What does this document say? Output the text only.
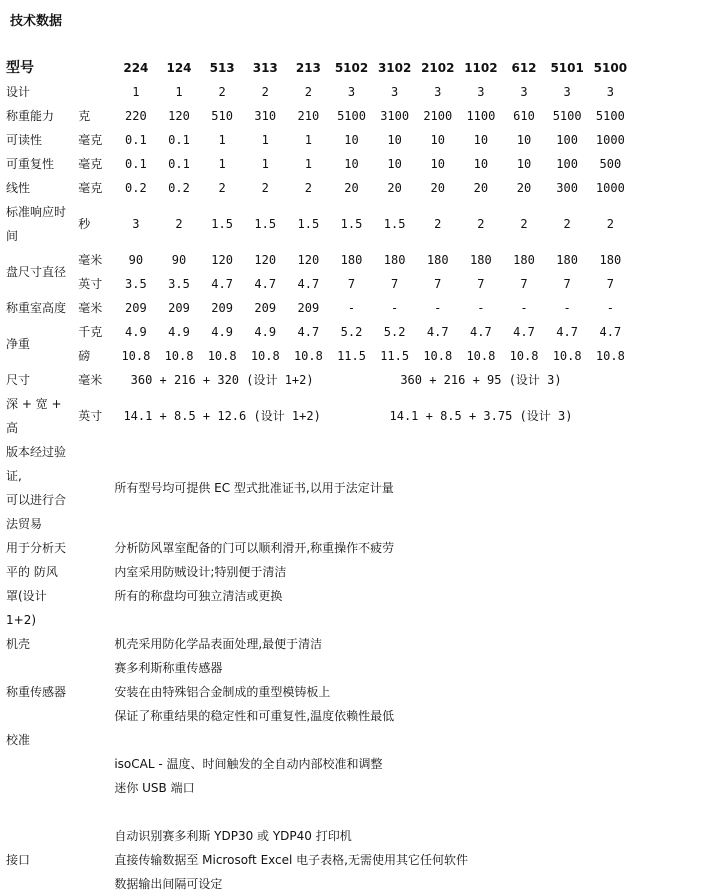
技术数据
型号		224	124	513	313	213	5102	3102	2102	1102	612	5101	5100
设计		1	1	2	2	2	3	3	3	3	3	3	3
称重能力	克	220	120	510	310	210	5100	3100	2100	1100	610	5100	5100
可读性	毫克	0.1	0.1	1	1	1	10	10	10	10	10	100	1000
可重复性	毫克	0.1	0.1	1	1	1	10	10	10	10	10	100	500
线性	毫克	0.2	0.2	2	2	2	20	20	20	20	20	300	1000

标准响应时
间	秒	3	2	1.5	1.5	1.5	1.5	1.5	2	2	2	2	2
盘尺寸直径	毫米	90	90	120	120	120	180	180	180	180	180	180	180
	英寸	3.5	3.5	4.7	4.7	4.7	7	7	7	7	7	7	7
称重室高度	毫米	209	209	209	209	209	-	-	-	-	-	-	-
净重	千克	4.9	4.9	4.9	4.9	4.7	5.2	5.2	4.7	4.7	4.7	4.7	4.7
	磅	10.8	10.8	10.8	10.8	10.8	11.5	11.5	10.8	10.8	10.8	10.8	10.8
尺寸	毫米	360 + 216 + 320 (设计 1+2)					360 + 216 + 95 (设计 3)						

深 + 宽 +
高	英寸	14.1 + 8.5 + 12.6 (设计 1+2)					14.1 + 8.5 + 3.75 (设计 3)						

版本经过验
证,
可以进行合
法贸易		所有型号均可提供 EC 型式批准证书,以用于法定计量											

用于分析天
平的 防风
罩(设计
1+2)		分析防风罩室配备的门可以顺利滑开,称重操作不疲劳
内室采用防贼设计;特别便于清洁
所有的称盘均可独立清洁或更换											

机壳		机壳采用防化学品表面处理,最便于清洁											

称重传感器		赛多利斯称重传感器
安装在由特殊铝合金制成的重型模铸板上
保证了称重结果的稳定性和可重复性,温度依赖性最低											

校准		isoCAL - 温度、时间触发的全自动内部校准和调整
迷你 USB 端口											

接口		自动识别赛多利斯 YDP30 或 YDP40 打印机
直接传输数据至 Microsoft Excel 电子表格,无需使用其它任何软件
数据输出间隔可设定											
